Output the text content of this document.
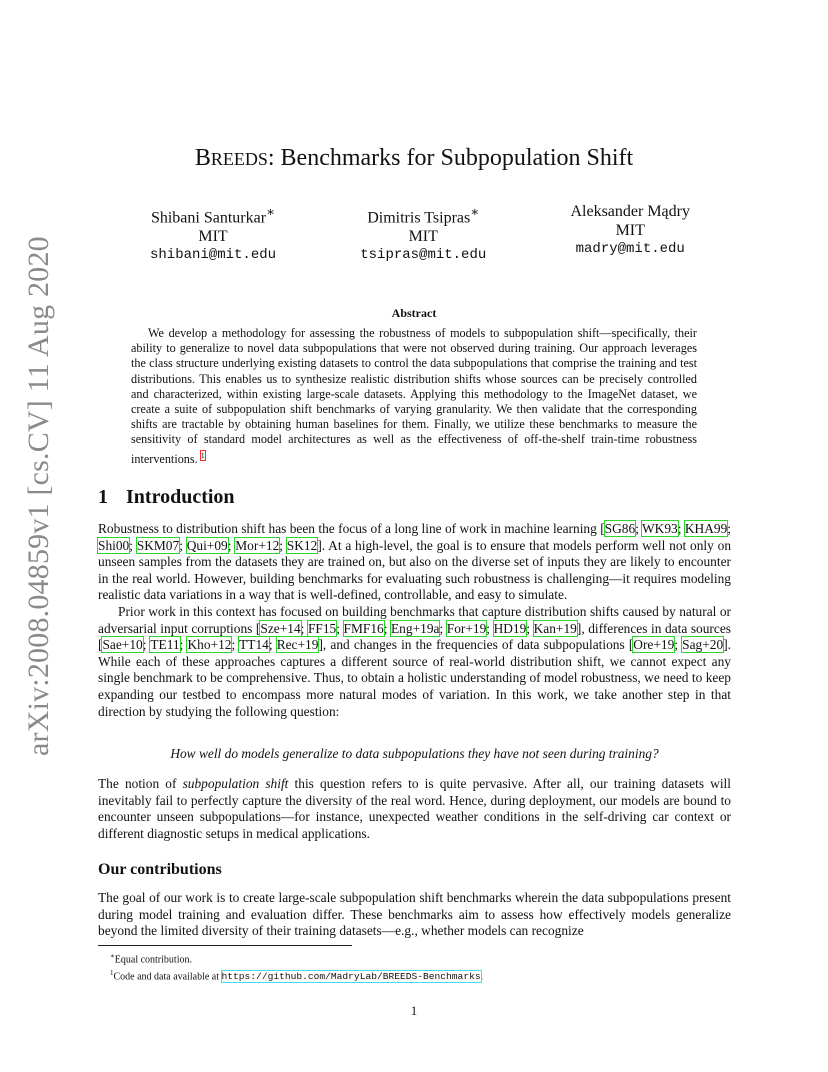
arXiv:2008.04859v1 [cs.CV] 11 Aug 2020
BREEDS: Benchmarks for Subpopulation Shift
Shibani Santurkar∗
MIT
shibani@mit.edu
Dimitris Tsipras∗
MIT
tsipras@mit.edu
Aleksander Mądry
MIT
madry@mit.edu
Abstract

We develop a methodology for assessing the robustness of models to subpopulation shift—specifically, their ability to generalize to novel data subpopulations that were not observed during training. Our approach leverages the class structure underlying existing datasets to control the data subpopulations that comprise the training and test distributions. This enables us to synthesize realistic distribution shifts whose sources can be precisely controlled and characterized, within existing large-scale datasets. Applying this methodology to the ImageNet dataset, we create a suite of subpopulation shift benchmarks of varying granularity. We then validate that the corresponding shifts are tractable by obtaining human baselines for them. Finally, we utilize these benchmarks to measure the sensitivity of standard model architectures as well as the effectiveness of off-the-shelf train-time robustness interventions. $^1$

1 Introduction

Robustness to distribution shift has been the focus of a long line of work in machine learning [SG86; WK93; KHA99; Shi00; SKM07; Qui+09; Mor+12; SK12]. At a high-level, the goal is to ensure that models perform well not only on unseen samples from the datasets they are trained on, but also on the diverse set of inputs they are likely to encounter in the real world. However, building benchmarks for evaluating such robustness is challenging—it requires modeling realistic data variations in a way that is well-defined, controllable, and easy to simulate.

Prior work in this context has focused on building benchmarks that capture distribution shifts caused by natural or adversarial input corruptions [Sze+14; FF15; FMF16; Eng+19a; For+19; HD19; Kan+19], differences in data sources [Sae+10; TE11; Kho+12; TT14; Rec+19], and changes in the frequencies of data subpopulations [Ore+19; Sag+20]. While each of these approaches captures a different source of real-world distribution shift, we cannot expect any single benchmark to be comprehensive. Thus, to obtain a holistic understanding of model robustness, we need to keep expanding our testbed to encompass more natural modes of variation. In this work, we take another step in that direction by studying the following question:

How well do models generalize to data subpopulations they have not seen during training?

The notion of subpopulation shift this question refers to is quite pervasive. After all, our training datasets will inevitably fail to perfectly capture the diversity of the real word. Hence, during deployment, our models are bound to encounter unseen subpopulations—for instance, unexpected weather conditions in the self-driving car context or different diagnostic setups in medical applications.

Our contributions

The goal of our work is to create large-scale subpopulation shift benchmarks wherein the data subpopulations present during model training and evaluation differ. These benchmarks aim to assess how effectively models generalize beyond the limited diversity of their training datasets—e.g., whether models can recognize

∗Equal contribution.
$^1$Code and data available at https://github.com/MadryLab/BREEDS-Benchmarks.
1
